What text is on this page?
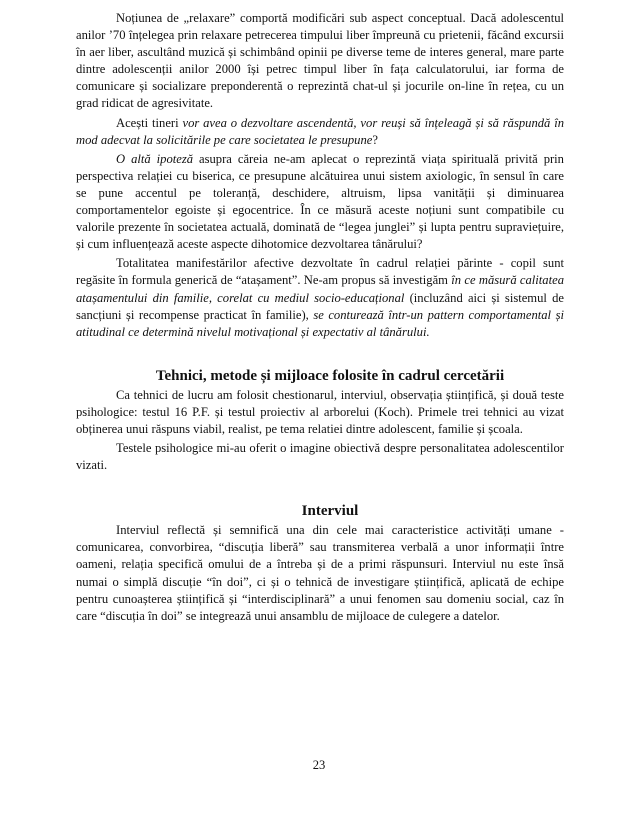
Noțiunea de „relaxare” comportă modificări sub aspect conceptual. Dacă adolescentul anilor ’70 înțelegea prin relaxare petrecerea timpului liber împreună cu prietenii, făcând excursii în aer liber, ascultând muzică și schimbând opinii pe diverse teme de interes general, mare parte dintre adolescenții anilor 2000 își petrec timpul liber în fața calculatorului, iar forma de comunicare și socializare preponderentă o reprezintă chat-ul și jocurile on-line în rețea, cu un grad ridicat de agresivitate.

Acești tineri vor avea o dezvoltare ascendentă, vor reuși să înțeleagă și să răspundă în mod adecvat la solicitările pe care societatea le presupune?

O altă ipoteză asupra căreia ne-am aplecat o reprezintă viața spirituală privită prin perspectiva relației cu biserica, ce presupune alcătuirea unui sistem axiologic, în sensul în care se pune accentul pe toleranță, deschidere, altruism, lipsa vanității și diminuarea comportamentelor egoiste și egocentrice. În ce măsură aceste noțiuni sunt compatibile cu valorile prezente în societatea actuală, dominată de “legea junglei” și lupta pentru supraviețuire, și cum influențează aceste aspecte dihotomice dezvoltarea tânărului?

Totalitatea manifestărilor afective dezvoltate în cadrul relației părinte - copil sunt regăsite în formula generică de “atașament”. Ne-am propus să investigăm în ce măsură calitatea atașamentului din familie, corelat cu mediul socio-educațional (incluzând aici și sistemul de sancțiuni și recompense practicat în familie), se conturează într-un pattern comportamental și atitudinal ce determină nivelul motivațional și expectativ al tânărului.

Tehnici, metode și mijloace folosite în cadrul cercetării

Ca tehnici de lucru am folosit chestionarul, interviul, observația științifică, și două teste psihologice: testul 16 P.F. și testul proiectiv al arborelui (Koch). Primele trei tehnici au vizat obținerea unui răspuns viabil, realist, pe tema relatiei dintre adolescent, familie și școala.

Testele psihologice mi-au oferit o imagine obiectivă despre personalitatea adolescentilor vizati.

Interviul

Interviul reflectă și semnifică una din cele mai caracteristice activități umane - comunicarea, convorbirea, “discuția liberă” sau transmiterea verbală a unor informații între oameni, relația specifică omului de a întreba și de a primi răspunsuri. Interviul nu este însă numai o simplă discuție “în doi”, ci și o tehnică de investigare științifică, aplicată de echipe pentru cunoașterea științifică și “interdisciplinară” a unui fenomen sau domeniu social, caz în care “discuția în doi” se integrează unui ansamblu de mijloace de culegere a datelor.

23
